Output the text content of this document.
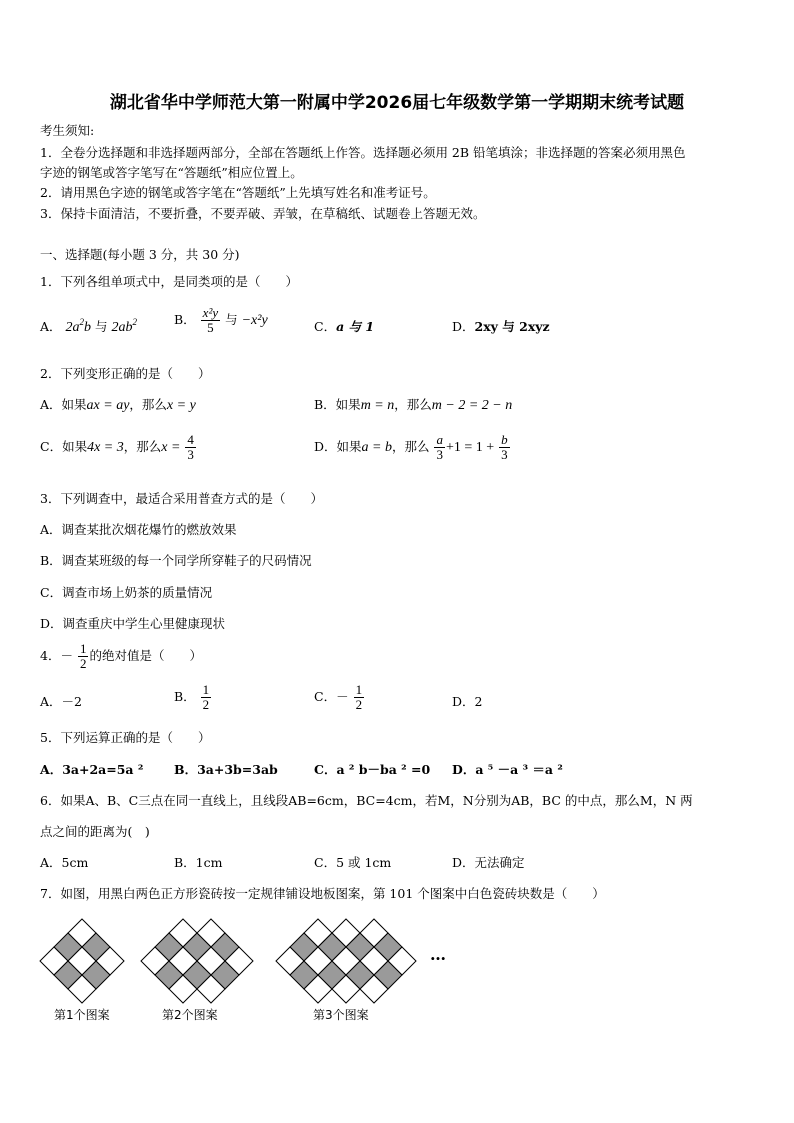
湖北省华中学师范大第一附属中学2026届七年级数学第一学期期末统考试题
考生须知:
1．全卷分选择题和非选择题两部分，全部在答题纸上作答。选择题必须用 2B 铅笔填涂；非选择题的答案必须用黑色
字迹的钢笔或答字笔写在“答题纸”相应位置上。
2．请用黑色字迹的钢笔或答字笔在“答题纸”上先填写姓名和准考证号。
3．保持卡面清洁，不要折叠，不要弄破、弄皱，在草稿纸、试题卷上答题无效。
一、选择题(每小题 3 分，共 30 分)
1．下列各组单项式中，是同类项的是（　　）
A． $2a^2b$ 与 $2ab^2$	B． $\frac{\text{x²y}}{5}$ 与 −x²y	C．a 与 1	D．2xy 与 2xyz
2．下列变形正确的是（　　）
A．如果ax = ay，那么x = y	B．如果m = n，那么m − 2 = 2 − n
C．如果4x = 3，那么$x = \frac{4}{3}$	D．如果a = b，那么 $\frac{a}{3} +1 = 1 + \frac{b}{3}$
3．下列调查中，最适合采用普查方式的是（　　）
A．调查某批次烟花爆竹的燃放效果
B．调查某班级的每一个同学所穿鞋子的尺码情况
C．调查市场上奶茶的质量情况
D．调查重庆中学生心里健康现状
4．－ $\frac{1}{2}$ 的绝对值是（　　）
A．－2	B． $\frac{1}{2}$	C．－ $\frac{1}{2}$	D．2
5．下列运算正确的是（　　）
A．3a+2a=5a ² B．3a+3b=3ab	C．a ² b－ba ² =0 D．a ⁵ －a ³ ＝a ²
6．如果A、B、C三点在同一直线上，且线段AB=6cm，BC=4cm，若M，N分别为AB，BC 的中点，那么M，N 两
点之间的距离为(　)
A．5cm	B．1cm	C．5 或 1cm	D．无法确定
7．如图，用黑白两色正方形瓷砖按一定规律铺设地板图案，第 101 个图案中白色瓷砖块数是（　　）
…
第1个图案	第2个图案	第3个图案
